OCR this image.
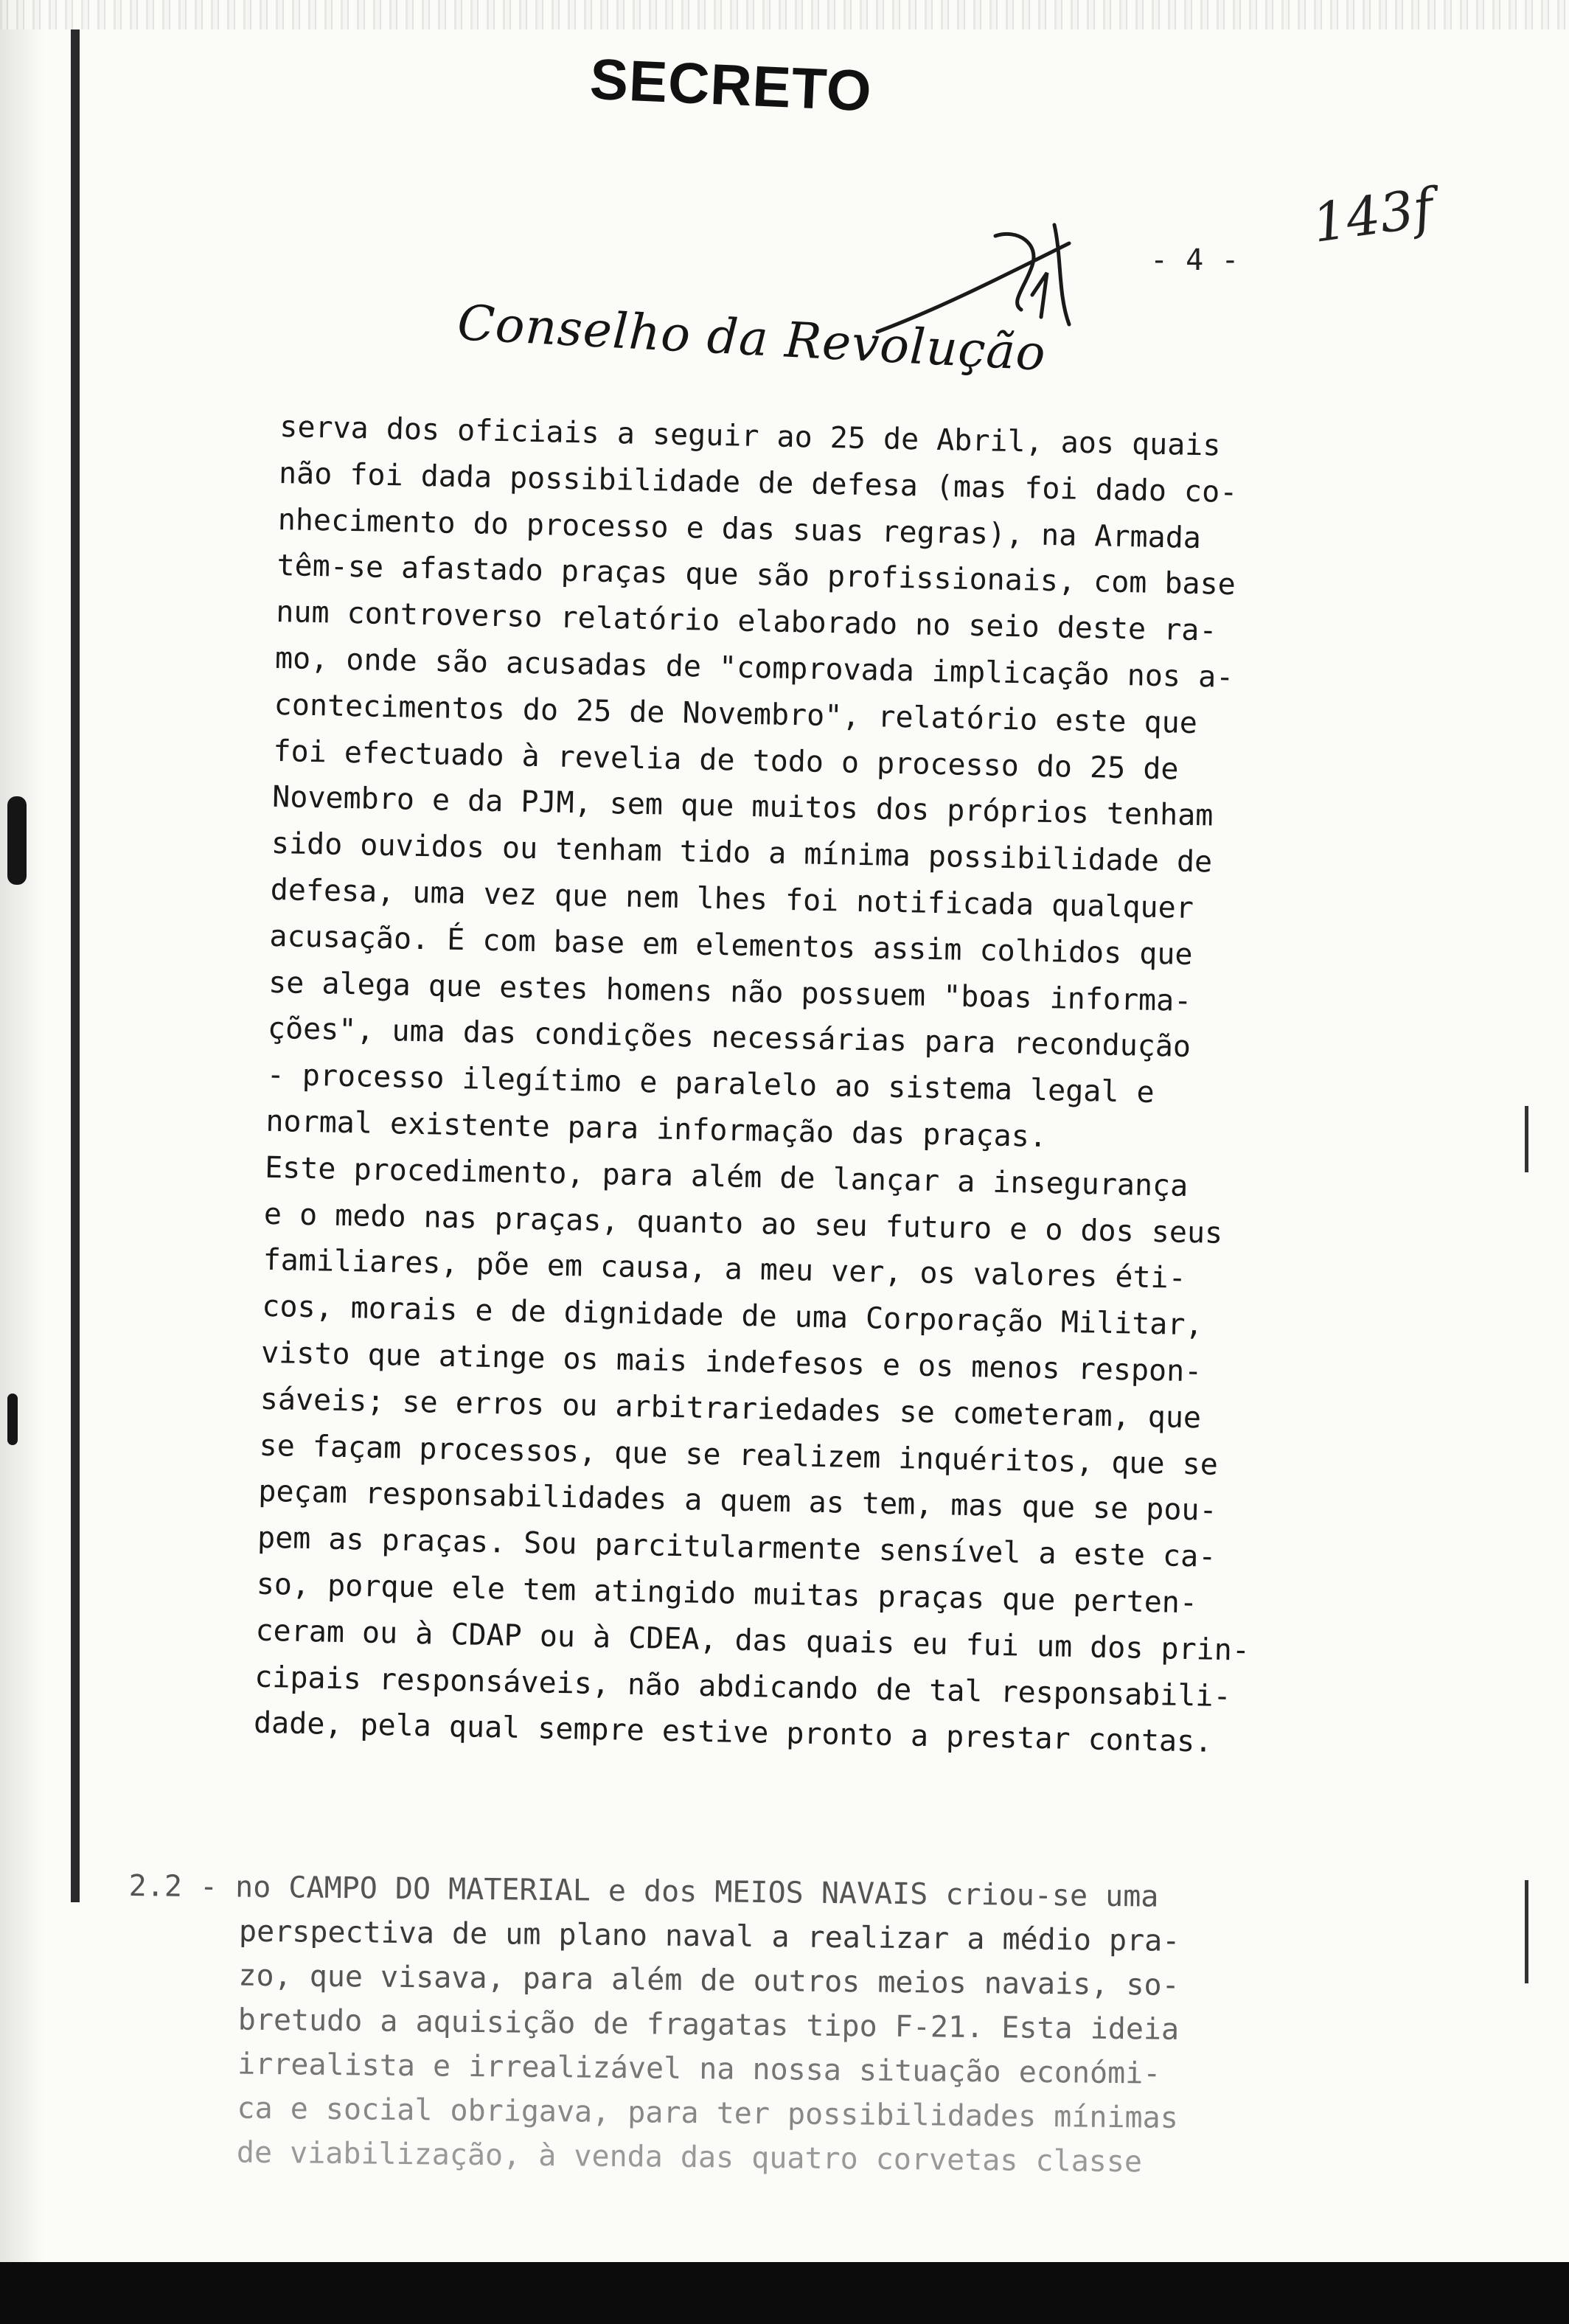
SECRETO
- 4 -
143f
Conselho da Revolução
serva dos oficiais a seguir ao 25 de Abril, aos quais
não foi dada possibilidade de defesa (mas foi dado co-
nhecimento do processo e das suas regras), na Armada
têm-se afastado praças que são profissionais, com base
num controverso relatório elaborado no seio deste ra-
mo, onde são acusadas de "comprovada implicação nos a-
contecimentos do 25 de Novembro", relatório este que
foi efectuado à revelia de todo o processo do 25 de
Novembro e da PJM, sem que muitos dos próprios tenham
sido ouvidos ou tenham tido a mínima possibilidade de
defesa, uma vez que nem lhes foi notificada qualquer
acusação. É com base em elementos assim colhidos que
se alega que estes homens não possuem "boas informa-
ções", uma das condições necessárias para recondução
- processo ilegítimo e paralelo ao sistema legal e
normal existente para informação das praças.
Este procedimento, para além de lançar a insegurança
e o medo nas praças, quanto ao seu futuro e o dos seus
familiares, põe em causa, a meu ver, os valores éti-
cos, morais e de dignidade de uma Corporação Militar,
visto que atinge os mais indefesos e os menos respon-
sáveis; se erros ou arbitrariedades se cometeram, que
se façam processos, que se realizem inquéritos, que se
peçam responsabilidades a quem as tem, mas que se pou-
pem as praças. Sou parcitularmente sensível a este ca-
so, porque ele tem atingido muitas praças que perten-
ceram ou à CDAP ou à CDEA, das quais eu fui um dos prin-
cipais responsáveis, não abdicando de tal responsabili-
dade, pela qual sempre estive pronto a prestar contas.
2.2 - no CAMPO DO MATERIAL e dos MEIOS NAVAIS criou-se uma
perspectiva de um plano naval a realizar a médio pra-
zo, que visava, para além de outros meios navais, so-
bretudo a aquisição de fragatas tipo F-21. Esta ideia
irrealista e irrealizável na nossa situação económi-
ca e social obrigava, para ter possibilidades mínimas
de viabilização, à venda das quatro corvetas classe
